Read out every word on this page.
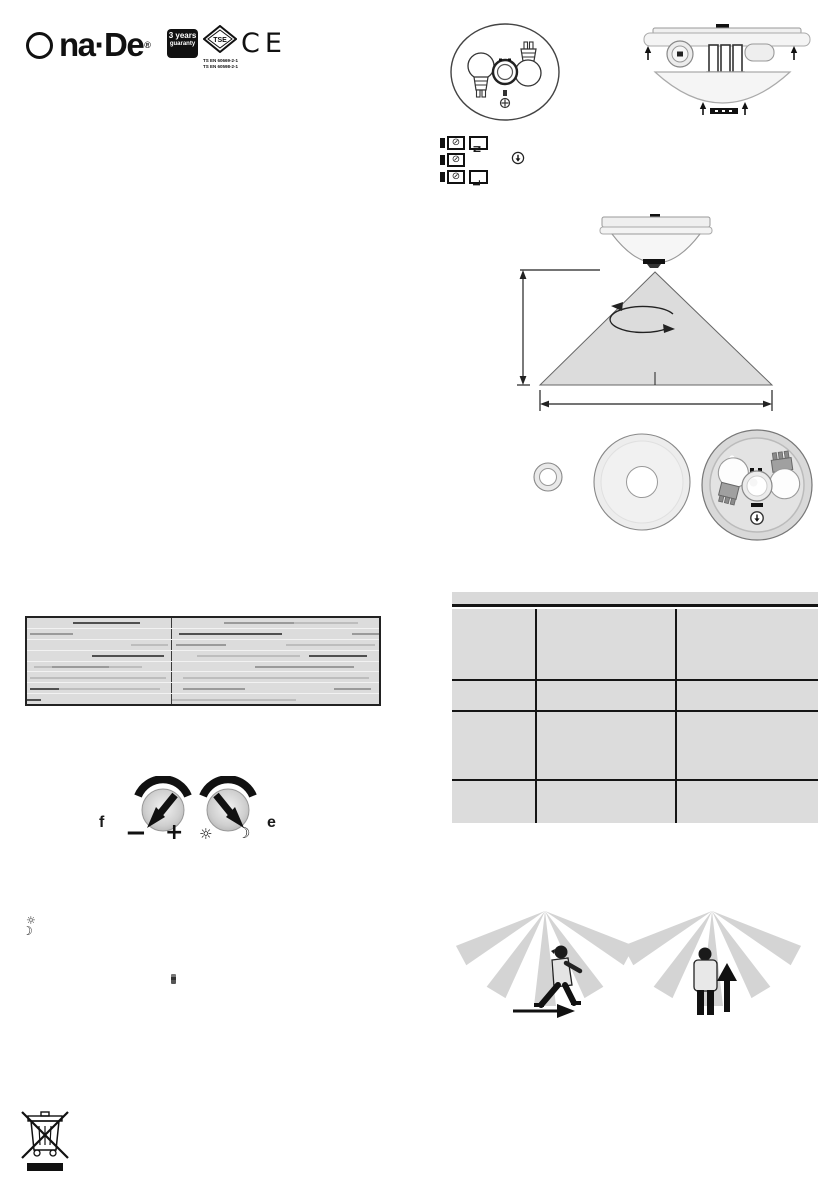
na·De ®
3 years
guaranty	TSE
TS EN 60669-2-1
TS EN 60598-2-1
CE
⊘
N
⊘
⊘
L
f − + ☼ ☽
e
☼
☽
